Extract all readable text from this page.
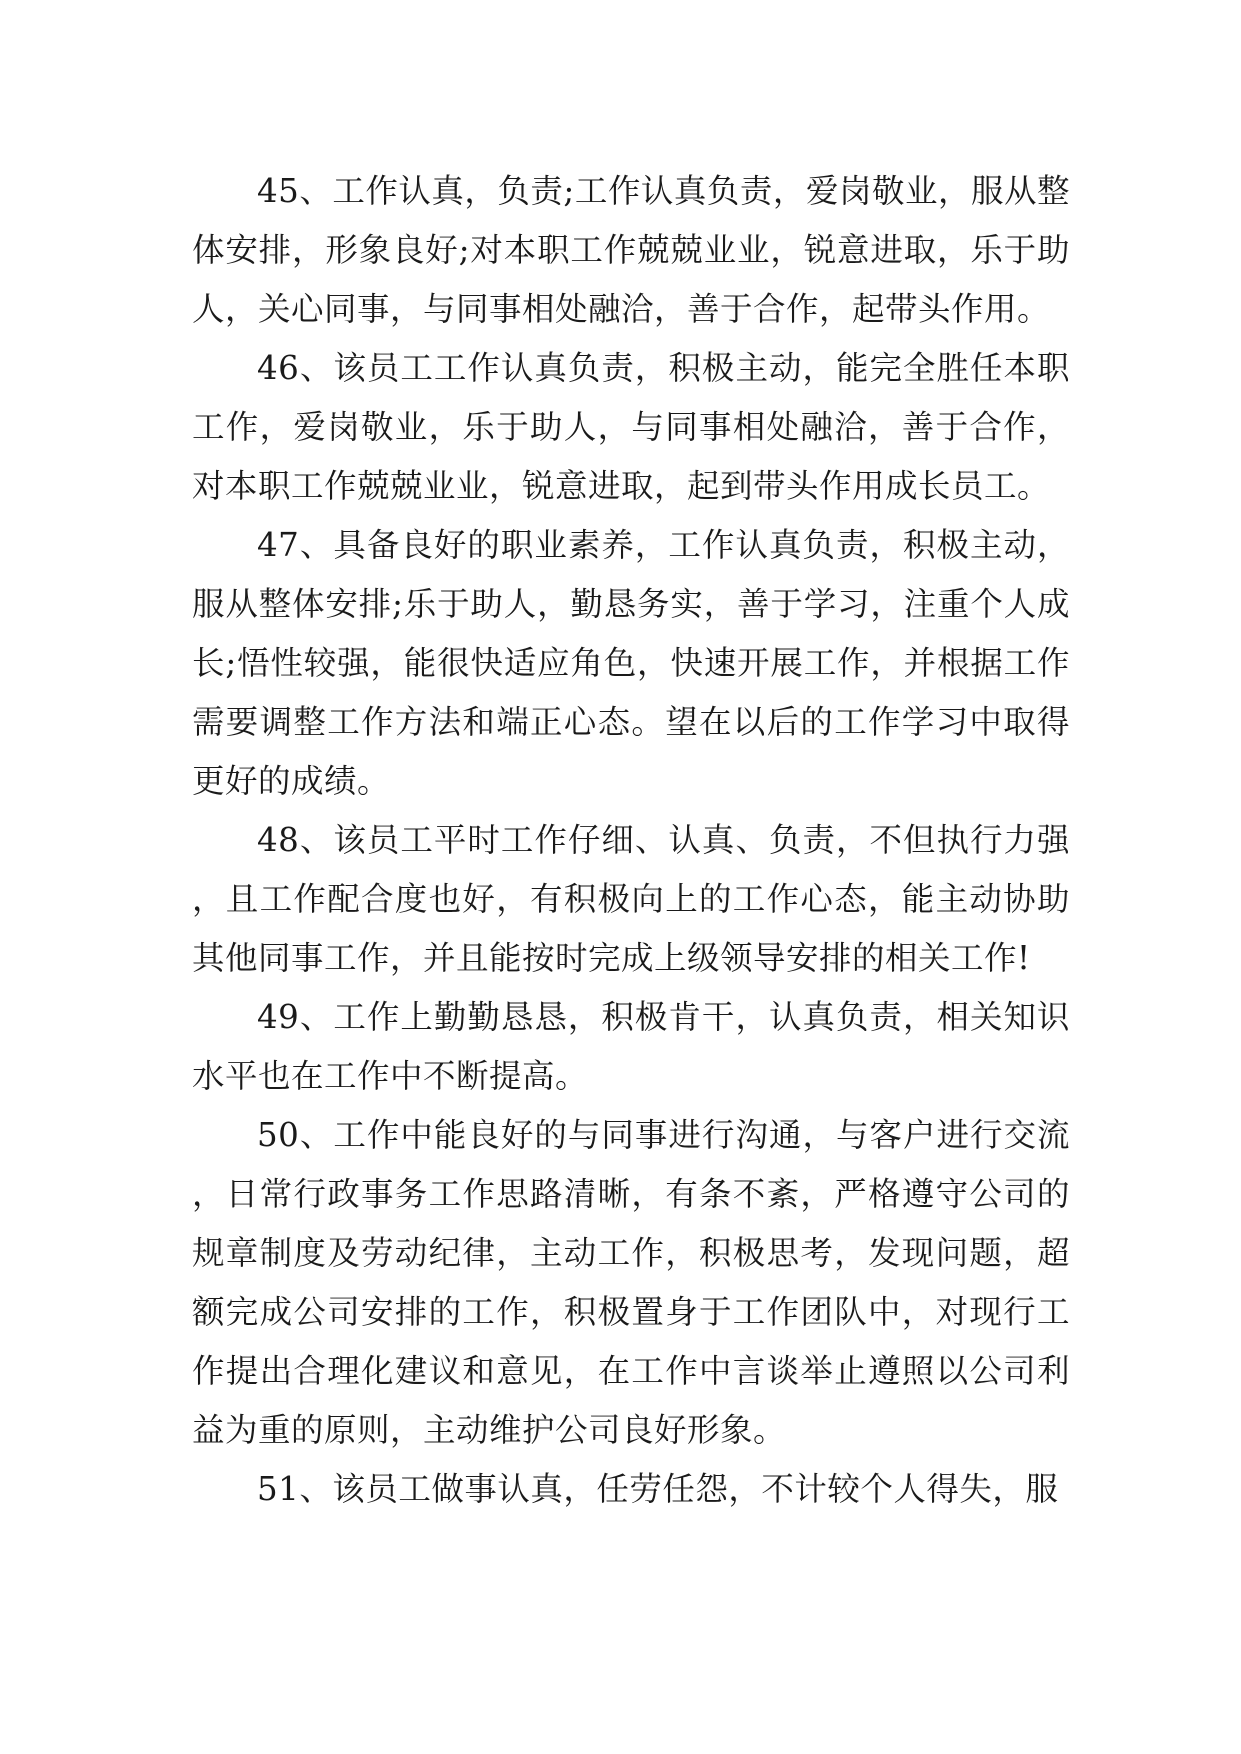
45、工作认真，负责;工作认真负责，爱岗敬业，服从整体安排，形象良好;对本职工作兢兢业业，锐意进取，乐于助人，关心同事，与同事相处融洽，善于合作，起带头作用。

46、该员工工作认真负责，积极主动，能完全胜任本职工作，爱岗敬业，乐于助人，与同事相处融洽，善于合作，对本职工作兢兢业业，锐意进取，起到带头作用成长员工。

47、具备良好的职业素养，工作认真负责，积极主动，服从整体安排;乐于助人，勤恳务实，善于学习，注重个人成长;悟性较强，能很快适应角色，快速开展工作，并根据工作需要调整工作方法和端正心态。望在以后的工作学习中取得更好的成绩。

48、该员工平时工作仔细、认真、负责，不但执行力强，且工作配合度也好，有积极向上的工作心态，能主动协助其他同事工作，并且能按时完成上级领导安排的相关工作!

49、工作上勤勤恳恳，积极肯干，认真负责，相关知识水平也在工作中不断提高。

50、工作中能良好的与同事进行沟通，与客户进行交流，日常行政事务工作思路清晰，有条不紊，严格遵守公司的规章制度及劳动纪律，主动工作，积极思考，发现问题，超额完成公司安排的工作，积极置身于工作团队中，对现行工作提出合理化建议和意见，在工作中言谈举止遵照以公司利益为重的原则，主动维护公司良好形象。

51、该员工做事认真，任劳任怨，不计较个人得失，服
